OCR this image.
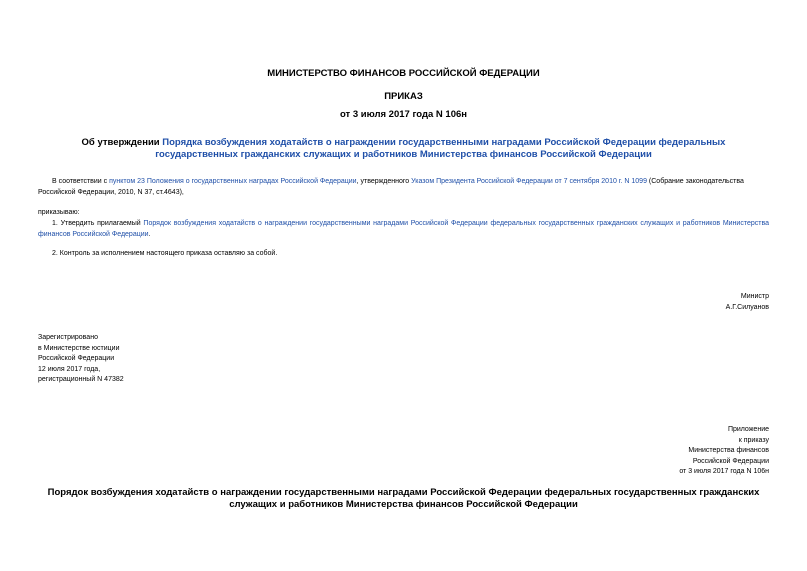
МИНИСТЕРСТВО ФИНАНСОВ РОССИЙСКОЙ ФЕДЕРАЦИИ
ПРИКАЗ
от 3 июля 2017 года N 106н
Об утверждении Порядка возбуждения ходатайств о награждении государственными наградами Российской Федерации федеральных государственных гражданских служащих и работников Министерства финансов Российской Федерации
В соответствии с пунктом 23 Положения о государственных наградах Российской Федерации, утвержденного Указом Президента Российской Федерации от 7 сентября 2010 г. N 1099 (Собрание законодательства Российской Федерации, 2010, N 37, ст.4643),
приказываю:
1. Утвердить прилагаемый Порядок возбуждения ходатайств о награждении государственными наградами Российской Федерации федеральных государственных гражданских служащих и работников Министерства финансов Российской Федерации.
2. Контроль за исполнением настоящего приказа оставляю за собой.
Министр
А.Г.Силуанов
Зарегистрировано
в Министерстве юстиции
Российской Федерации
12 июля 2017 года,
регистрационный N 47382
Приложение
к приказу
Министерства финансов
Российской Федерации
от 3 июля 2017 года N 106н
Порядок возбуждения ходатайств о награждении государственными наградами Российской Федерации федеральных государственных гражданских служащих и работников Министерства финансов Российской Федерации
